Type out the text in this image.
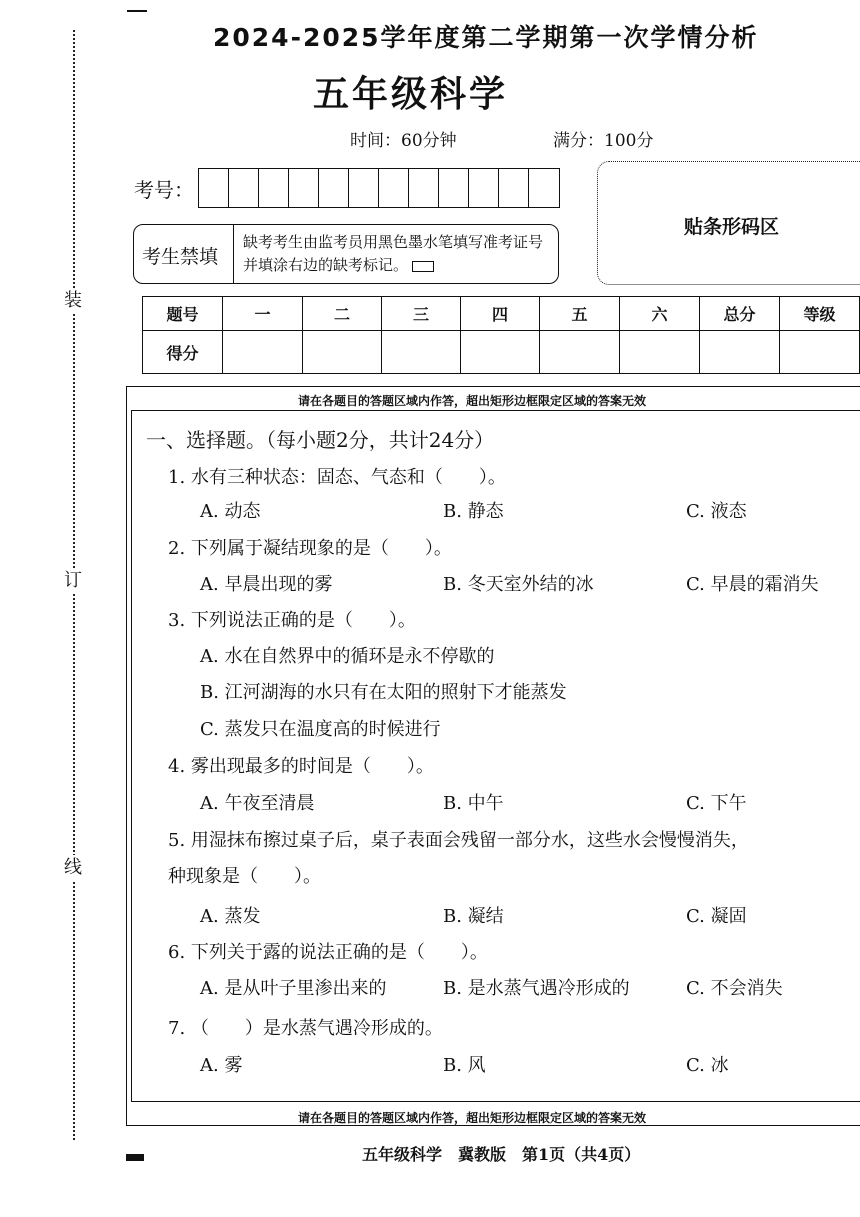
装
订
线
2024-2025学年度第二学期第一次学情分析
五年级科学
时间：60分钟	满分：100分
考号：
考生禁填
缺考考生由监考员用黑色墨水笔填写准考证号并填涂右边的缺考标记。
贴条形码区
题号	一	二	三	四	五	六	总分	等级
得分								
请在各题目的答题区域内作答，超出矩形边框限定区域的答案无效
请在各题目的答题区域内作答，超出矩形边框限定区域的答案无效
一、选择题。（每小题2分，共计24分）
1. 水有三种状态：固态、气态和（　　）。
A. 动态	B. 静态	C. 液态
2. 下列属于凝结现象的是（　　）。
A. 早晨出现的雾	B. 冬天室外结的冰	C. 早晨的霜消失
3. 下列说法正确的是（　　）。
A. 水在自然界中的循环是永不停歇的
B. 江河湖海的水只有在太阳的照射下才能蒸发
C. 蒸发只在温度高的时候进行
4. 雾出现最多的时间是（　　）。
A. 午夜至清晨	B. 中午	C. 下午
5. 用湿抹布擦过桌子后，桌子表面会残留一部分水，这些水会慢慢消失，
种现象是（　　）。
A. 蒸发	B. 凝结	C. 凝固
6. 下列关于露的说法正确的是（　　）。
A. 是从叶子里渗出来的	B. 是水蒸气遇冷形成的	C. 不会消失
7. （　　）是水蒸气遇冷形成的。
A. 雾	B. 风	C. 冰
五年级科学　冀教版　第1页（共4页）
